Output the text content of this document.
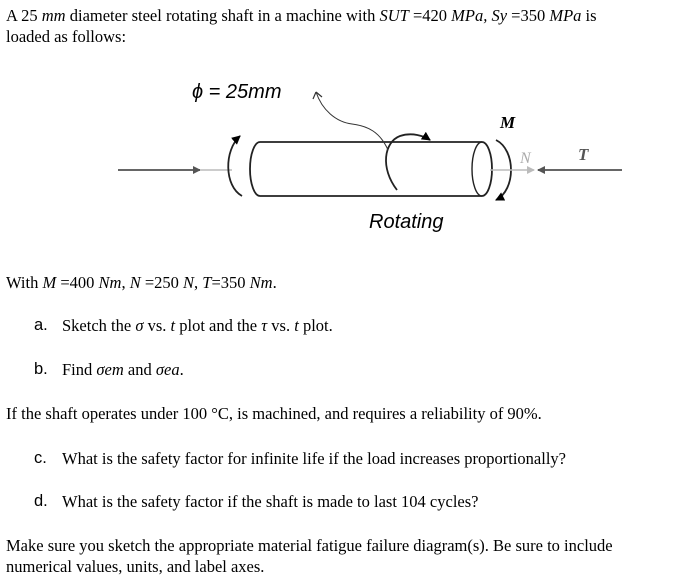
A 25 mm diameter steel rotating shaft in a machine with SUT =420 MPa, Sy =350 MPa is
loaded as follows:
ϕ = 25mm
M
N	T
Rotating
With M =400 Nm, N =250 N, T=350 Nm.
a. Sketch the σ vs. t plot and the τ vs. t plot.
b. Find σem and σea.
If the shaft operates under 100 °C, is machined, and requires a reliability of 90%.
c. What is the safety factor for infinite life if the load increases proportionally?
d. What is the safety factor if the shaft is made to last 104 cycles?
Make sure you sketch the appropriate material fatigue failure diagram(s). Be sure to include
numerical values, units, and label axes.
